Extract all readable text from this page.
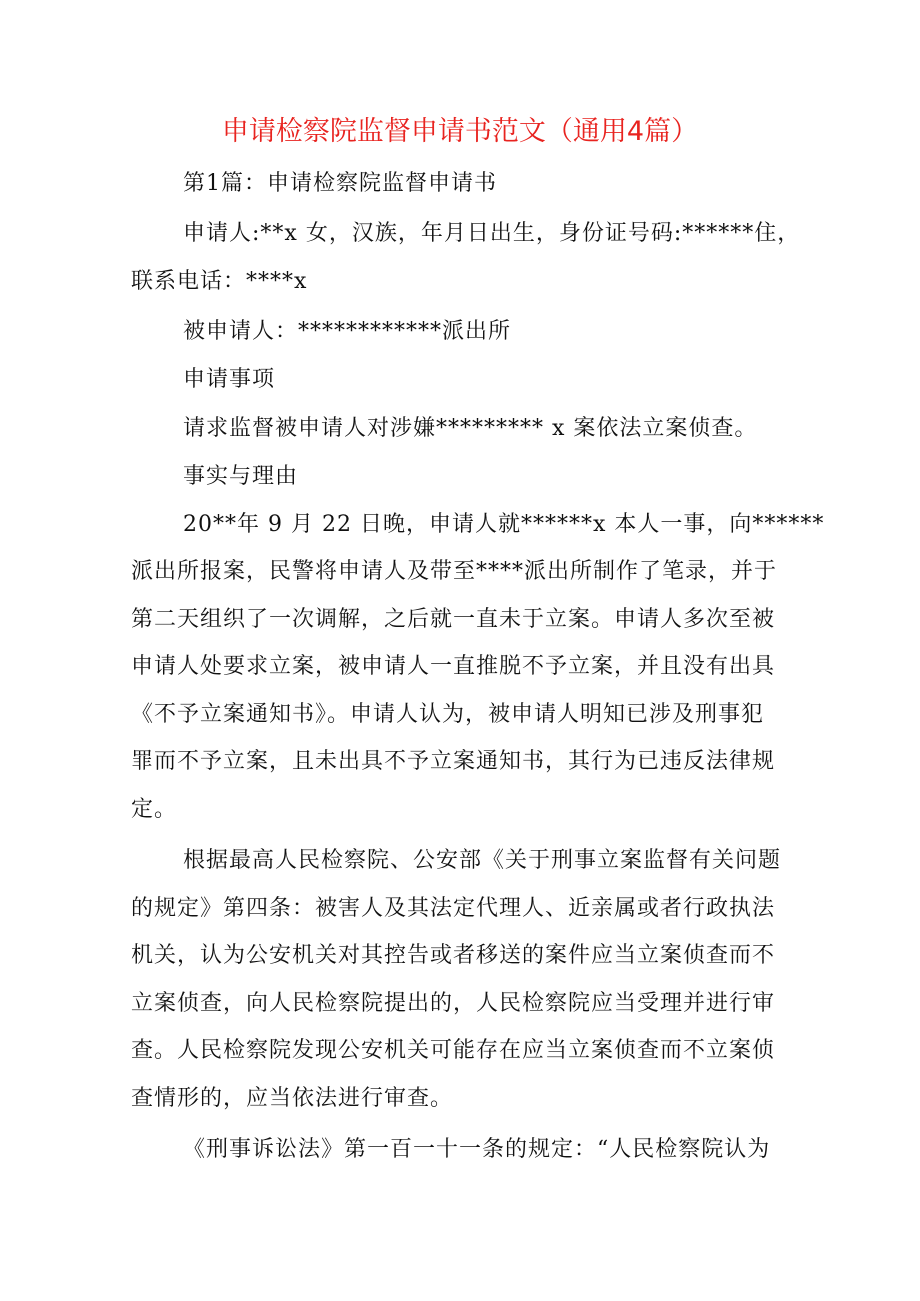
申请检察院监督申请书范文（通用4篇）
第1篇：申请检察院监督申请书
申请人:**x 女，汉族，年月日出生，身份证号码:******住，
联系电话：****x
被申请人：************派出所
申请事项
请求监督被申请人对涉嫌********* x 案依法立案侦查。
事实与理由
20**年 9 月 22 日晚，申请人就******x 本人一事，向******
派出所报案，民警将申请人及带至****派出所制作了笔录，并于
第二天组织了一次调解，之后就一直未于立案。申请人多次至被
申请人处要求立案，被申请人一直推脱不予立案，并且没有出具
《不予立案通知书》。申请人认为，被申请人明知已涉及刑事犯
罪而不予立案，且未出具不予立案通知书，其行为已违反法律规
定。
根据最高人民检察院、公安部《关于刑事立案监督有关问题
的规定》第四条：被害人及其法定代理人、近亲属或者行政执法
机关，认为公安机关对其控告或者移送的案件应当立案侦查而不
立案侦查，向人民检察院提出的，人民检察院应当受理并进行审
查。人民检察院发现公安机关可能存在应当立案侦查而不立案侦
查情形的，应当依法进行审查。
《刑事诉讼法》第一百一十一条的规定：“人民检察院认为
